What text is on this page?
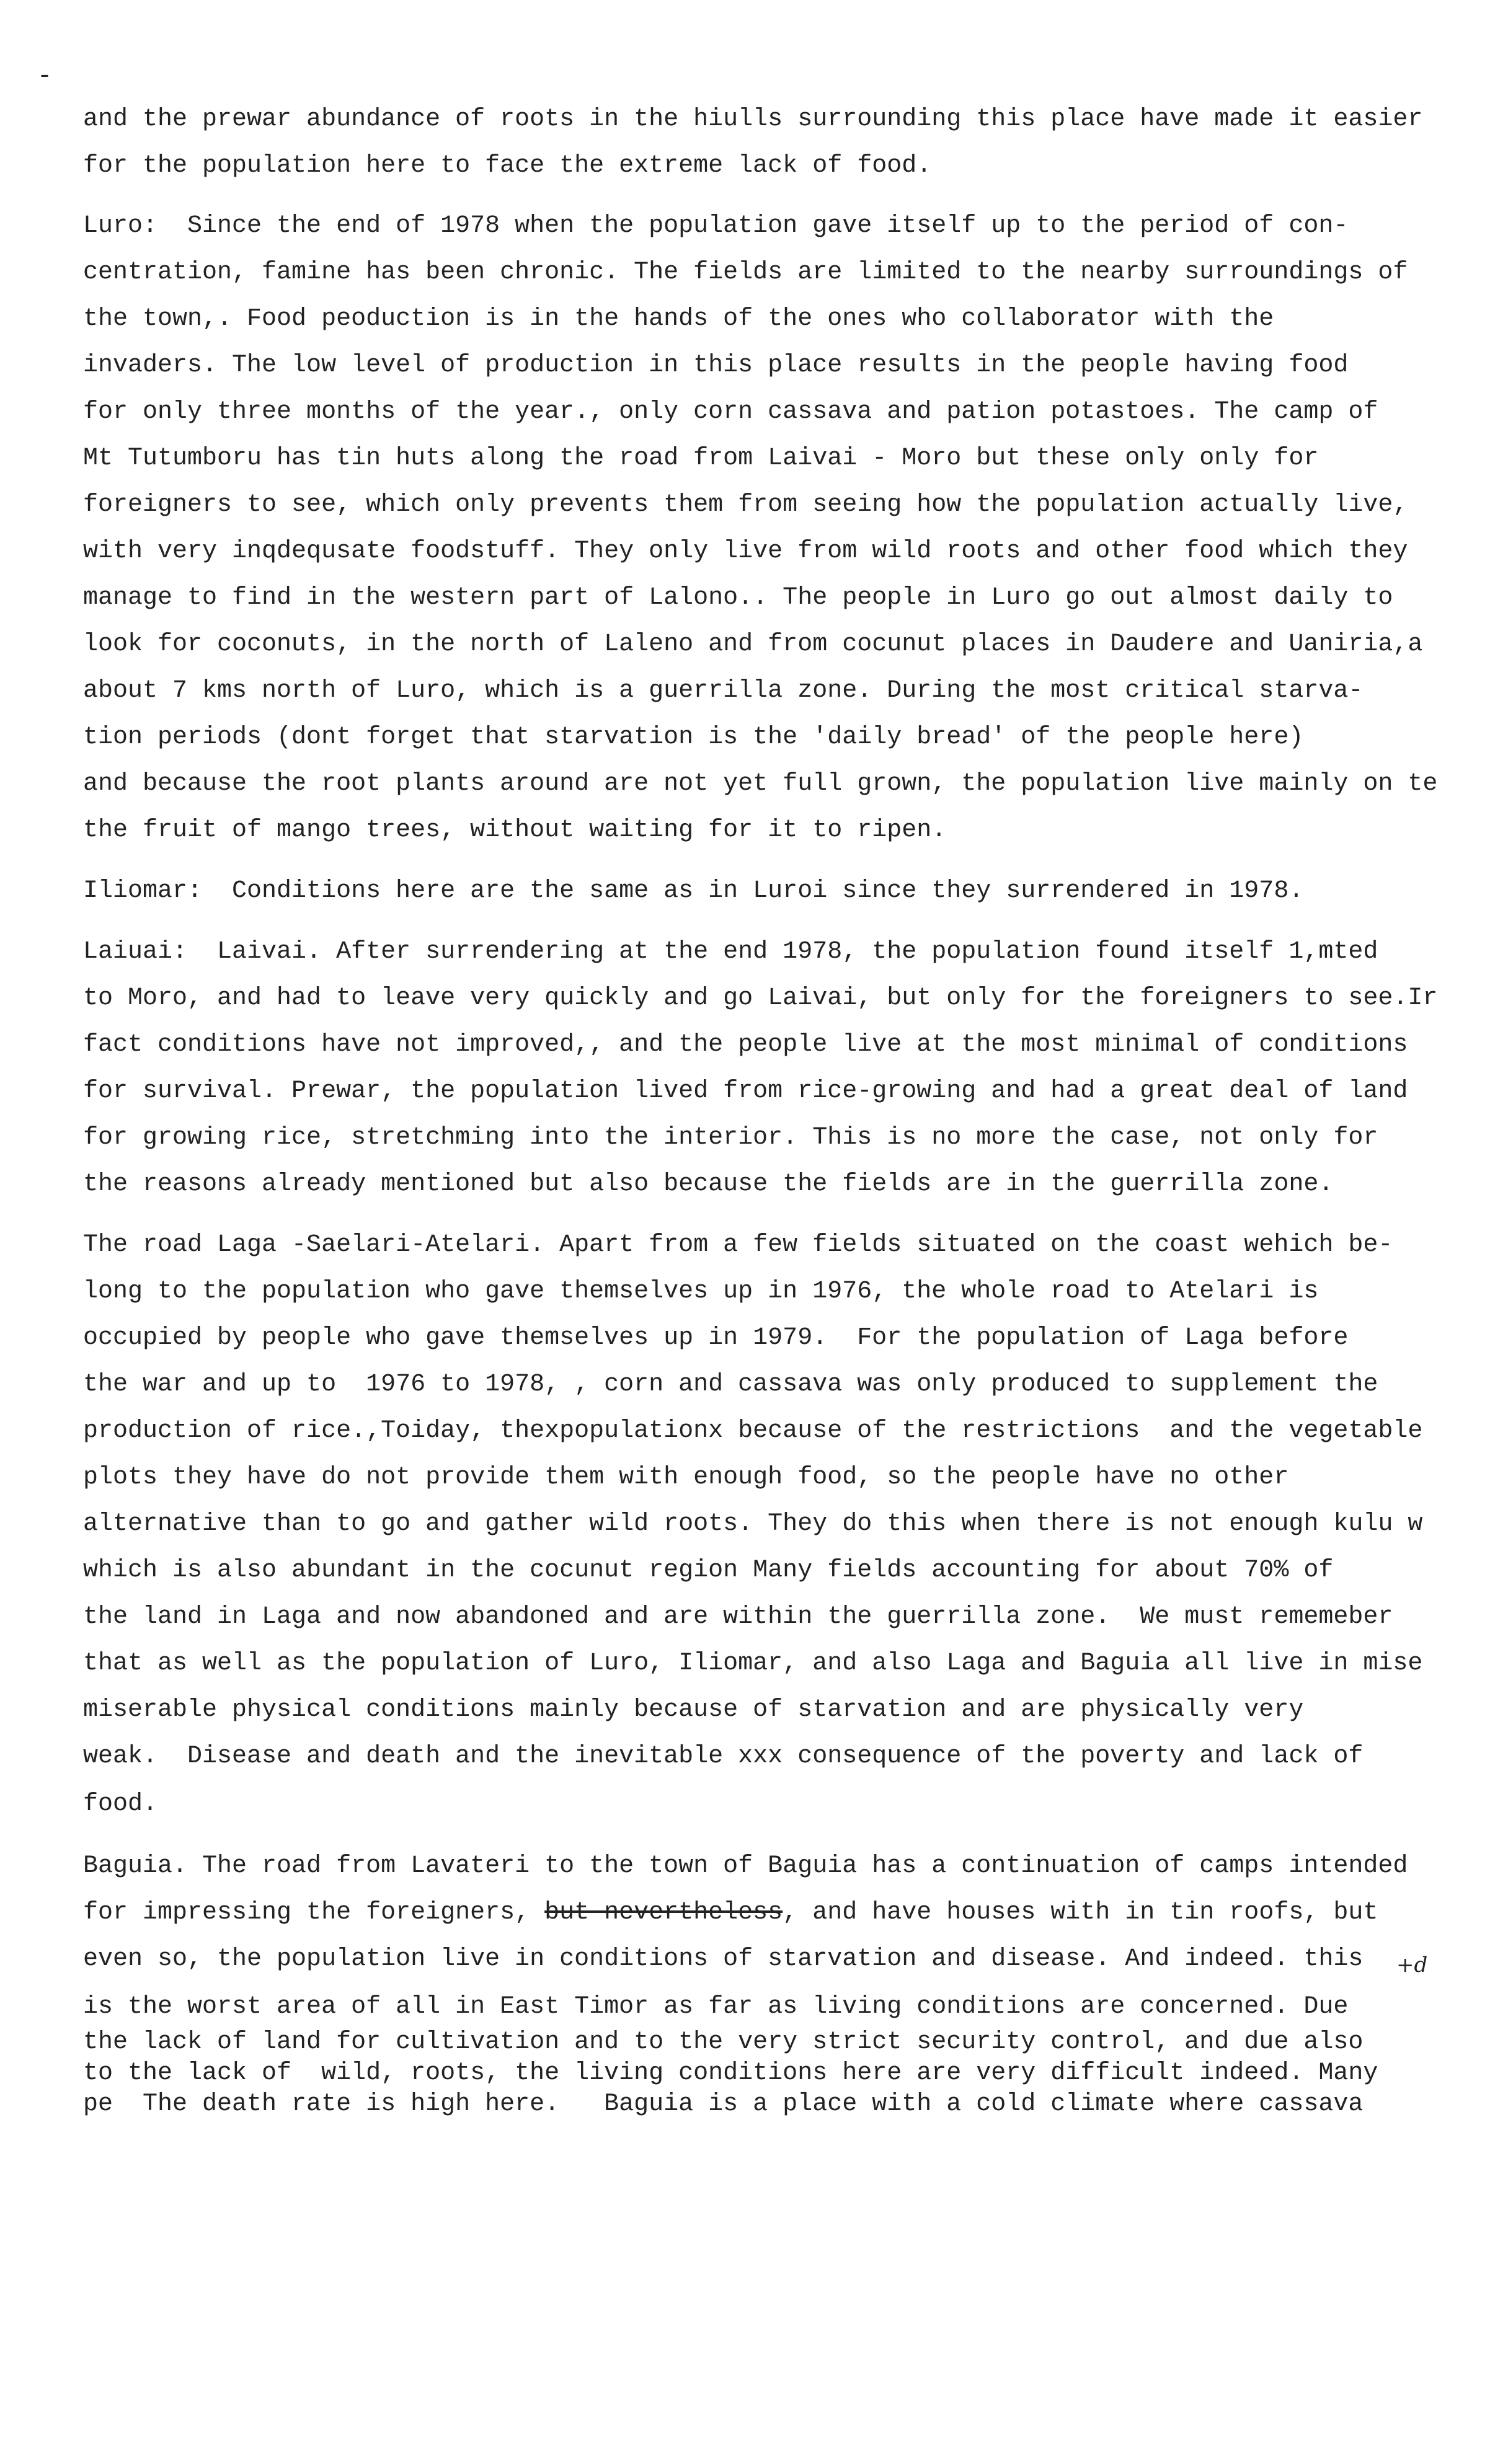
-

and the prewar abundance of roots in the hiulls surrounding this place have made it easier

for the population here to face the extreme lack of food.

Luro:  Since the end of 1978 when the population gave itself up to the period of con-

centration, famine has been chronic. The fields are limited to the nearby surroundings of

the town,. Food peoduction is in the hands of the ones who collaborator with the

invaders. The low level of production in this place results in the people having food

for only three months of the year., only corn cassava and pation potastoes. The camp of

Mt Tutumboru has tin huts along the road from Laivai - Moro but these only only for

foreigners to see, which only prevents them from seeing how the population actually live,

with very inqdequsate foodstuff. They only live from wild roots and other food which they

manage to find in the western part of Lalono.. The people in Luro go out almost daily to

look for coconuts, in the north of Laleno and from cocunut places in Daudere and Uaniria,a

about 7 kms north of Luro, which is a guerrilla zone. During the most critical starva-

tion periods (dont forget that starvation is the 'daily bread' of the people here)

and because the root plants around are not yet full grown, the population live mainly on te

the fruit of mango trees, without waiting for it to ripen.

Iliomar:  Conditions here are the same as in Luroi since they surrendered in 1978.

Laiuai:  Laivai. After surrendering at the end 1978, the population found itself 1,mted

to Moro, and had to leave very quickly and go Laivai, but only for the foreigners to see.Ir

fact conditions have not improved,, and the people live at the most minimal of conditions

for survival. Prewar, the population lived from rice-growing and had a great deal of land

for growing rice, stretchming into the interior. This is no more the case, not only for

the reasons already mentioned but also because the fields are in the guerrilla zone.

The road Laga -Saelari-Atelari. Apart from a few fields situated on the coast wehich be-

long to the population who gave themselves up in 1976, the whole road to Atelari is

occupied by people who gave themselves up in 1979.  For the population of Laga before

the war and up to  1976 to 1978, , corn and cassava was only produced to supplement the

production of rice.,Toiday, thexpopulationx because of the restrictions  and the vegetable

plots they have do not provide them with enough food, so the people have no other

alternative than to go and gather wild roots. They do this when there is not enough kulu w

which is also abundant in the cocunut region Many fields accounting for about 70% of

the land in Laga and now abandoned and are within the guerrilla zone.  We must rememeber

that as well as the population of Luro, Iliomar, and also Laga and Baguia all live in mise

miserable physical conditions mainly because of starvation and are physically very

weak.  Disease and death and the inevitable xxx consequence of the poverty and lack of

food.

Baguia. The road from Lavateri to the town of Baguia has a continuation of camps intended

for impressing the foreigners, but nevertheless, and have houses with in tin roofs, but

even so, the population live in conditions of starvation and disease. And indeed. this

is the worst area of all in East Timor as far as living conditions are concerned. Due

the lack of land for cultivation and to the very strict security control, and due also

to the lack of  wild, roots, the living conditions here are very difficult indeed. Many

pe  The death rate is high here.   Baguia is a place with a cold climate where cassava

+d
